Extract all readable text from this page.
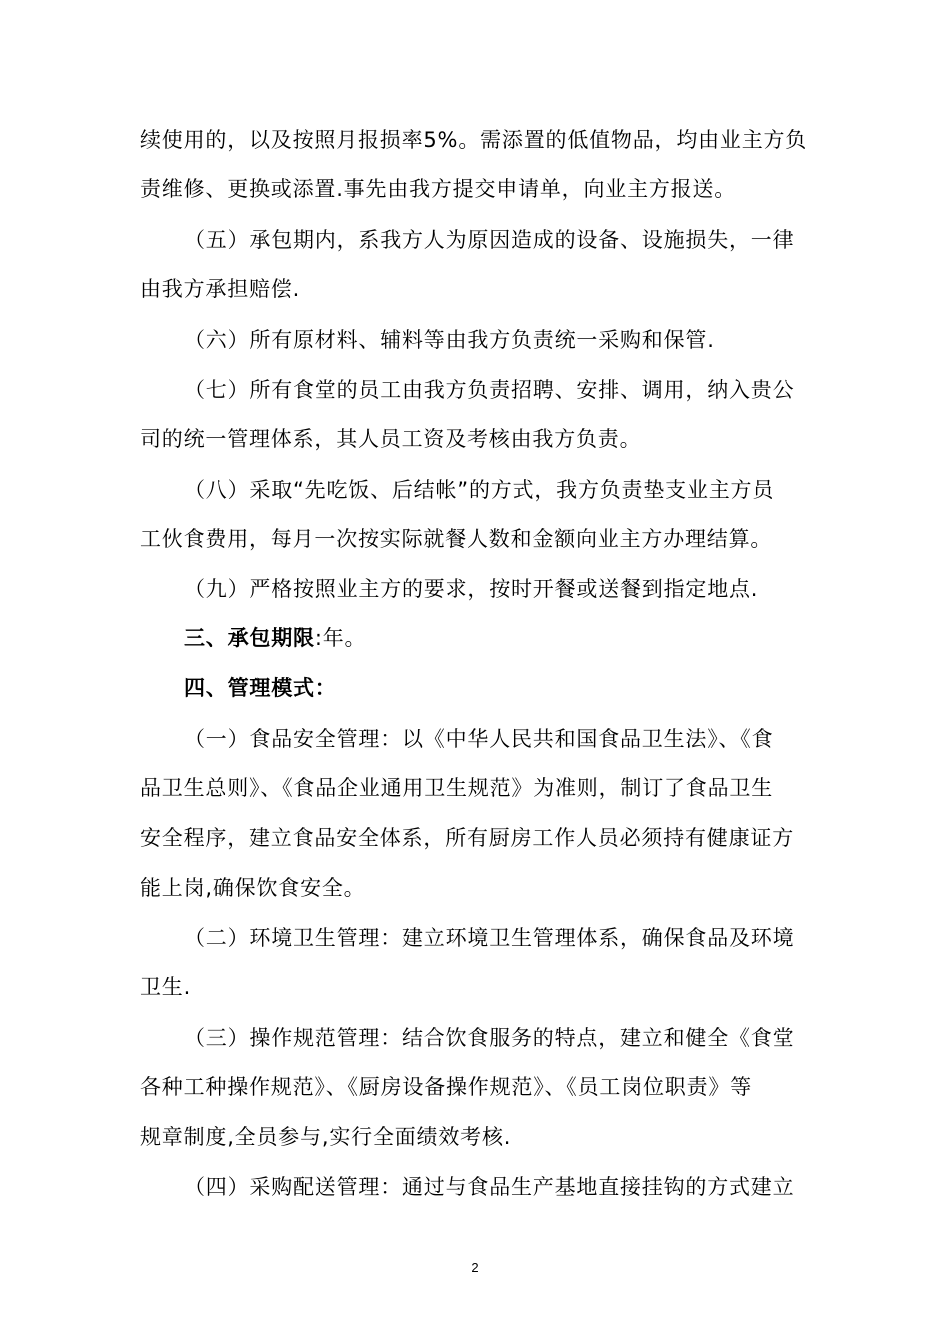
续使用的，以及按照月报损率5%。需添置的低值物品，均由业主方负
责维修、更换或添置.事先由我方提交申请单，向业主方报送。
（五）承包期内，系我方人为原因造成的设备、设施损失，一律
由我方承担赔偿.
（六）所有原材料、辅料等由我方负责统一采购和保管.
（七）所有食堂的员工由我方负责招聘、安排、调用，纳入贵公
司的统一管理体系，其人员工资及考核由我方负责。
（八）采取“先吃饭、后结帐”的方式，我方负责垫支业主方员
工伙食费用，每月一次按实际就餐人数和金额向业主方办理结算。
（九）严格按照业主方的要求，按时开餐或送餐到指定地点.
三、承包期限:年。
四、管理模式：
（一）食品安全管理：以《中华人民共和国食品卫生法》、《食
品卫生总则》、《食品企业通用卫生规范》为准则，制订了食品卫生
安全程序，建立食品安全体系，所有厨房工作人员必须持有健康证方
能上岗,确保饮食安全。
（二）环境卫生管理：建立环境卫生管理体系，确保食品及环境
卫生.
（三）操作规范管理：结合饮食服务的特点，建立和健全《食堂
各种工种操作规范》、《厨房设备操作规范》、《员工岗位职责》等
规章制度,全员参与,实行全面绩效考核.
（四）采购配送管理：通过与食品生产基地直接挂钩的方式建立
2
